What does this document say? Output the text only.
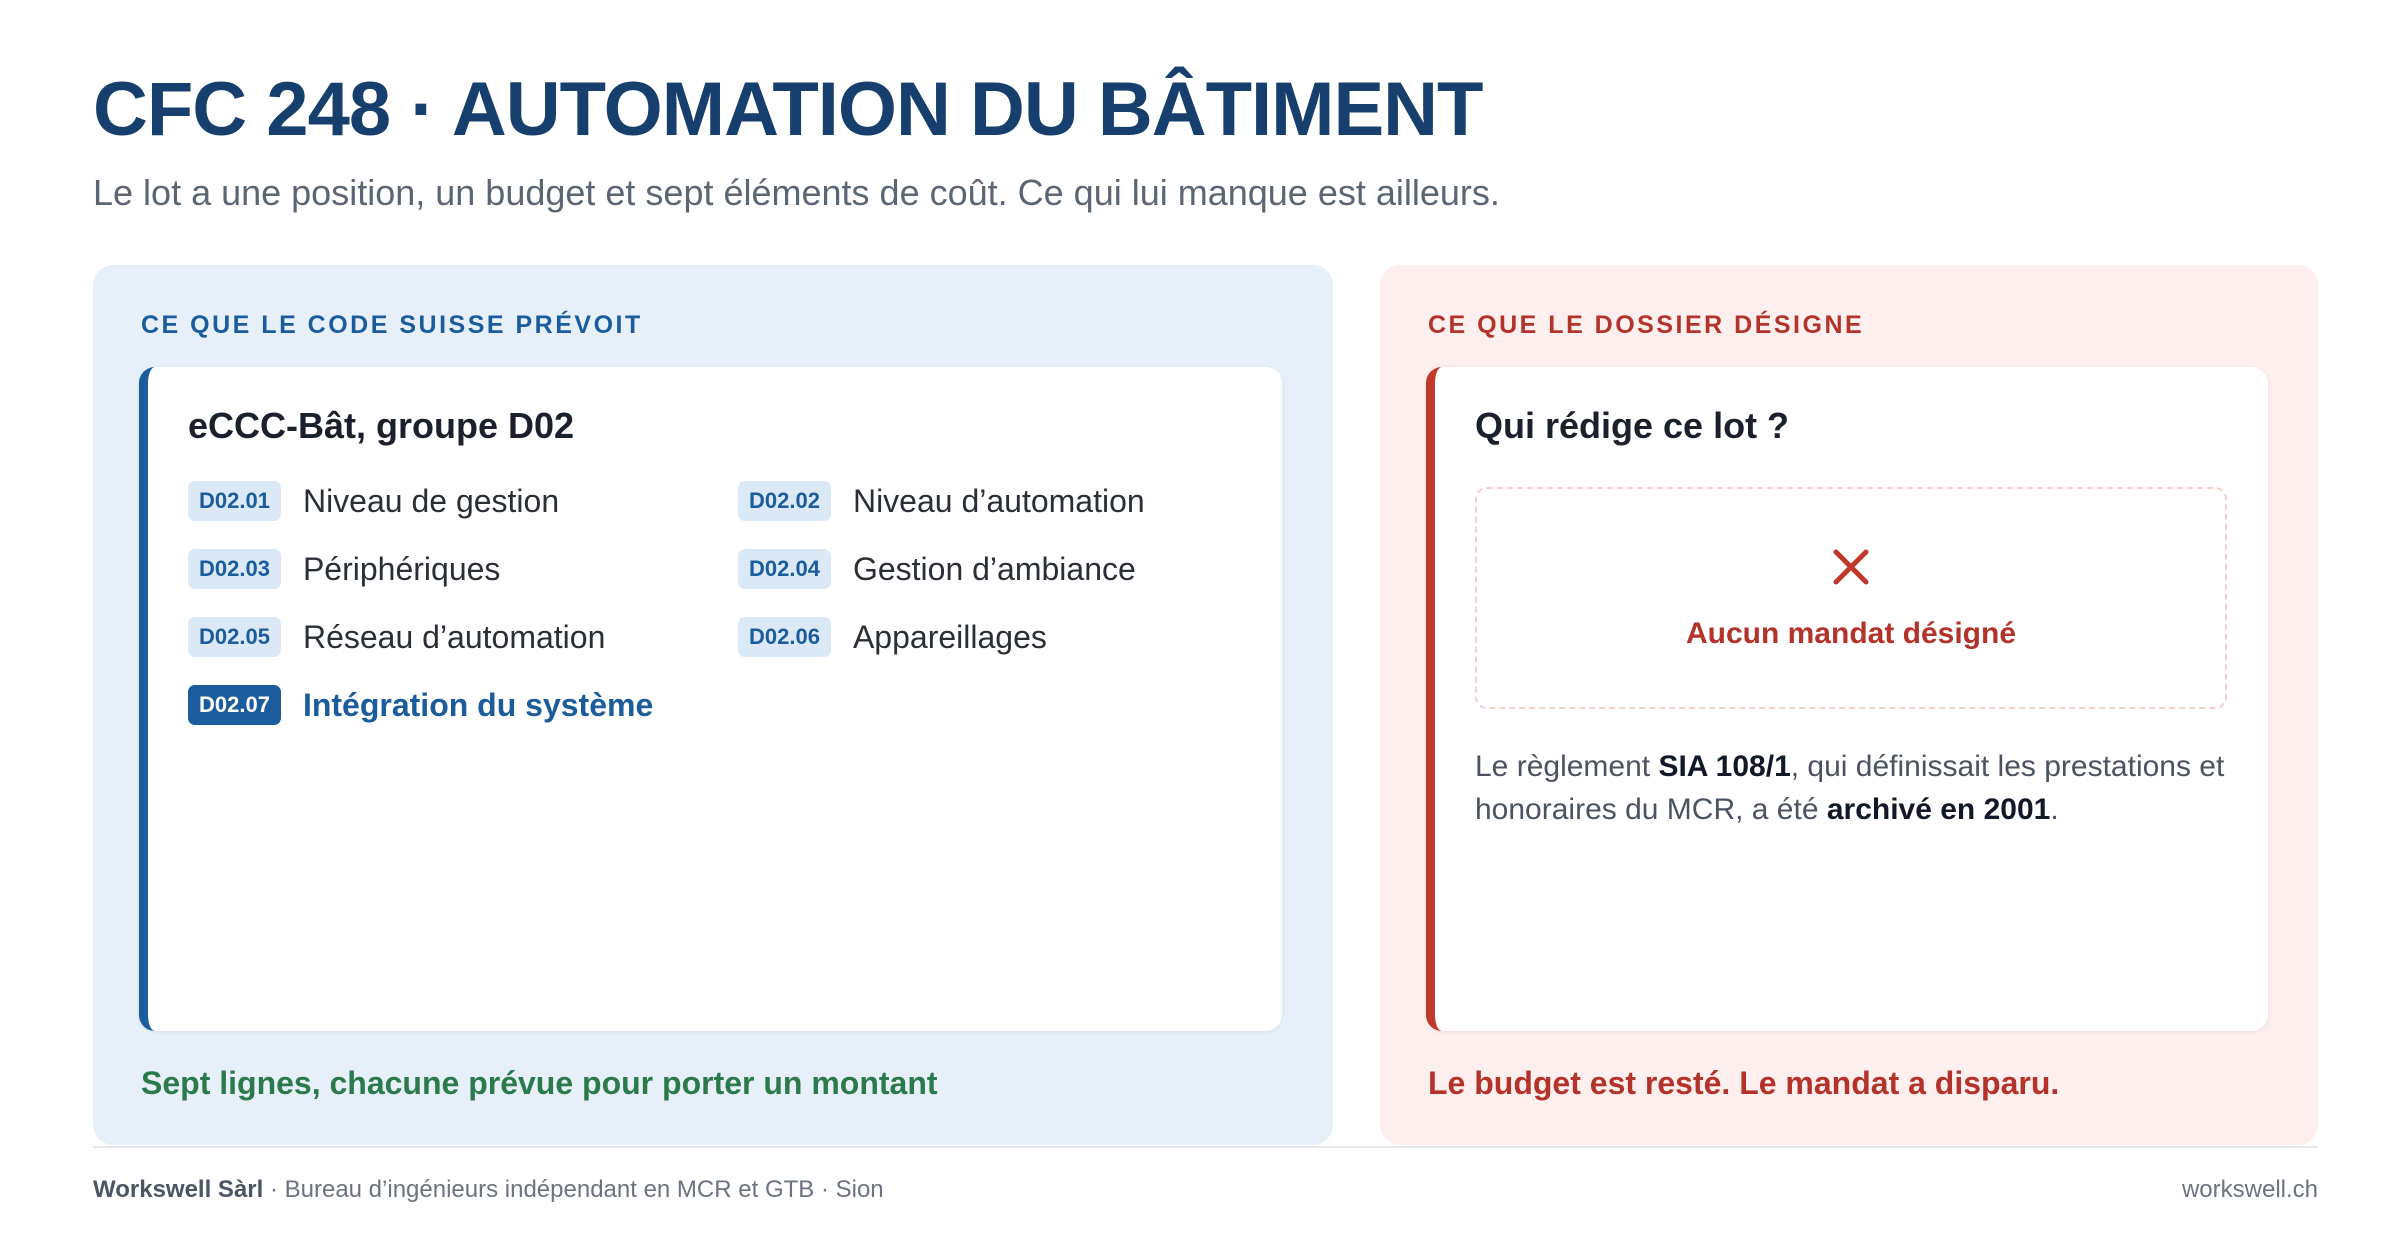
CFC 248 · AUTOMATION DU BÂTIMENT
Le lot a une position, un budget et sept éléments de coût. Ce qui lui manque est ailleurs.
CE QUE LE CODE SUISSE PRÉVOIT
eCCC-Bât, groupe D02
D02.01	Niveau de gestion	D02.02	Niveau d’automation
D02.03	Périphériques	D02.04	Gestion d’ambiance
D02.05	Réseau d’automation	D02.06	Appareillages
D02.07	Intégration du système
Sept lignes, chacune prévue pour porter un montant
CE QUE LE DOSSIER DÉSIGNE
Qui rédige ce lot ?
Aucun mandat désigné
Le règlement SIA 108/1, qui définissait les prestations et honoraires du MCR, a été archivé en 2001.
Le budget est resté. Le mandat a disparu.
Workswell Sàrl · Bureau d’ingénieurs indépendant en MCR et GTB · Sion	workswell.ch
